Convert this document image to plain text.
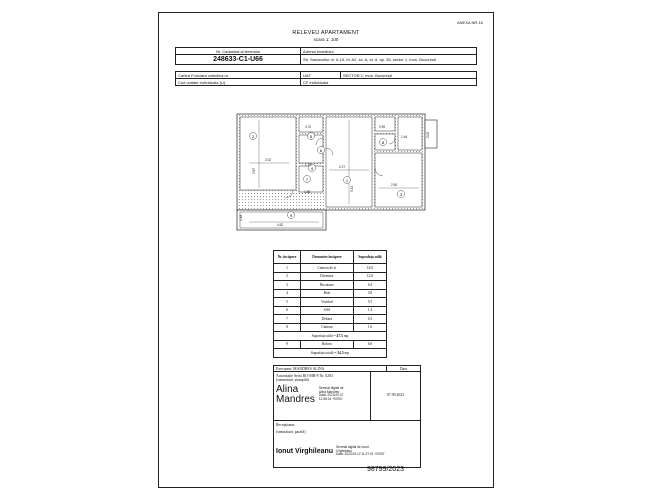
ANEXA NR.16
RELEVEU APARTAMENT
scara 1: 100
Nr. Cadastral al terenului	Adresa imobilului
248633-C1-U66	Str. Sanatorilor nr. 6-15, bl. A2, sc. A, et. 8, ap. 35, sector 1, mun. București
Cartea Funciara colectiva nr.	UAT	SECTOR 1, mun. București
Cod unitate individuala (U)	CF individuala	
1
2
3
4
5
6
7
8
9
2.02
3.87
1.88
2.27
5.14
2.50
4.62
1.48
1.75
2.02
0.99
3.70
1.46
Nr. încăpere	Denumire încăpere	Suprafața utilă
1	Camera de zi	16.0
2	Dormitor	12.8
3	Bucatarie	6.4
4	Baie	3.8
5	Vestibul	5.5
6	SAS	1.4
7	Debara	0.5
8	Camara	1.6
Suprafața utilă = 47.5 mp		
9	Balcon	6.6
Suprafața totală = 54.5 mp		
Executant: MANDRES ALINA	Data
Autorizație Seria RO-MB-F Nr. 0283
(semnătură, ștampilă)
Alina
Mandres
Semnat digital de
Alina Mandres
Data: 2023.09.07
12:45:24 +03'00'
07.09.2023
Recepționat,
(semnătură, parafă)
Ionut Virghileanu
Semnat digital de Ionut
Virghileanu
Data: 2023.09.12 11:27:01 +03'00'
98799/2023
